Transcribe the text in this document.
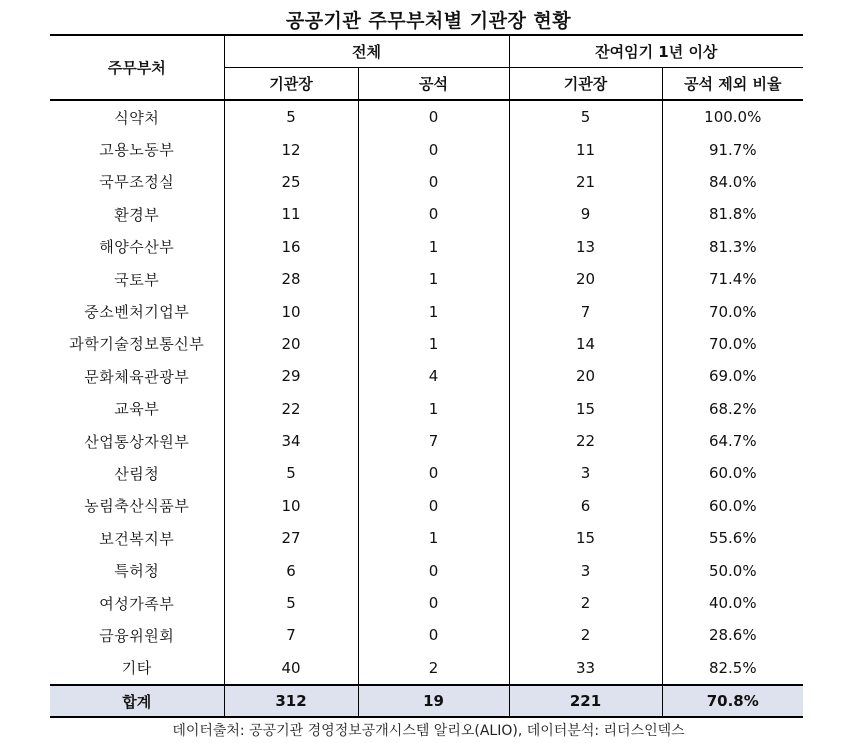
공공기관 주무부처별 기관장 현황
주무부처	전체		잔여임기 1년 이상	
	기관장	공석	기관장	공석 제외 비율
식약처	5	0	5	100.0%
고용노동부	12	0	11	91.7%
국무조정실	25	0	21	84.0%
환경부	11	0	9	81.8%
해양수산부	16	1	13	81.3%
국토부	28	1	20	71.4%
중소벤처기업부	10	1	7	70.0%
과학기술정보통신부	20	1	14	70.0%
문화체육관광부	29	4	20	69.0%
교육부	22	1	15	68.2%
산업통상자원부	34	7	22	64.7%
산림청	5	0	3	60.0%
농림축산식품부	10	0	6	60.0%
보건복지부	27	1	15	55.6%
특허청	6	0	3	50.0%
여성가족부	5	0	2	40.0%
금융위원회	7	0	2	28.6%
기타	40	2	33	82.5%
합계	312	19	221	70.8%
데이터출처: 공공기관 경영정보공개시스템 알리오(ALIO), 데이터분석: 리더스인덱스
